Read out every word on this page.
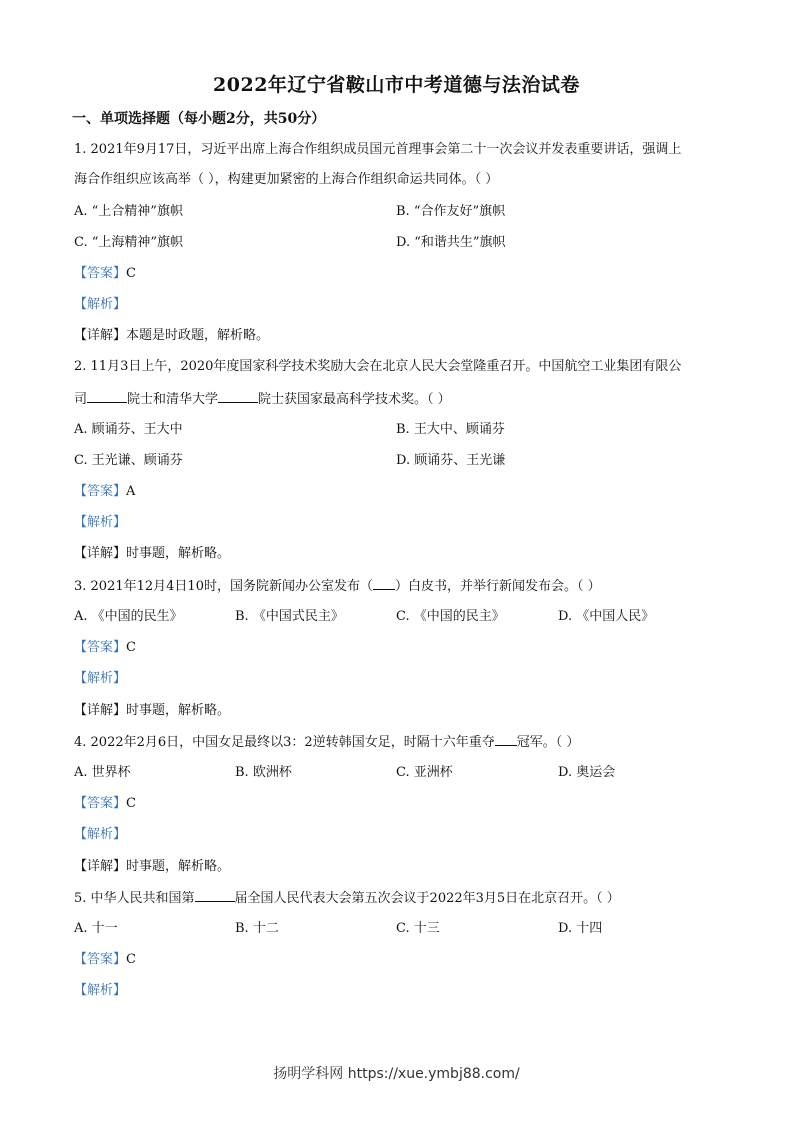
2022年辽宁省鞍山市中考道德与法治试卷
一、单项选择题（每小题2分，共50分）
1. 2021年9月17日，习近平出席上海合作组织成员国元首理事会第二十一次会议并发表重要讲话，强调上
海合作组织应该高举（ ），构建更加紧密的上海合作组织命运共同体。（ ）
A. “上合精神”旗帜	B. “合作友好”旗帜
C. “上海精神”旗帜	D. “和谐共生”旗帜
【答案】C
【解析】
【详解】本题是时政题，解析略。
2. 11月3日上午，2020年度国家科学技术奖励大会在北京人民大会堂隆重召开。中国航空工业集团有限公
司	院士和清华大学	院士获国家最高科学技术奖。（ ）
A. 顾诵芬、王大中	B. 王大中、顾诵芬
C. 王光谦、顾诵芬	D. 顾诵芬、王光谦
【答案】A
【解析】
【详解】时事题，解析略。
3. 2021年12月4日10时，国务院新闻办公室发布（ ）白皮书，并举行新闻发布会。（ ）
A. 《中国的民生》	B. 《中国式民主》	C. 《中国的民主》	D. 《中国人民》
【答案】C
【解析】
【详解】时事题，解析略。
4. 2022年2月6日，中国女足最终以3：2逆转韩国女足，时隔十六年重夺 冠军。（ ）
A. 世界杯	B. 欧洲杯	C. 亚洲杯	D. 奥运会
【答案】C
【解析】
【详解】时事题，解析略。
5. 中华人民共和国第	届全国人民代表大会第五次会议于2022年3月5日在北京召开。（ ）
A. 十一	B. 十二	C. 十三	D. 十四
【答案】C
【解析】
扬明学科网 https://xue.ymbj88.com/
